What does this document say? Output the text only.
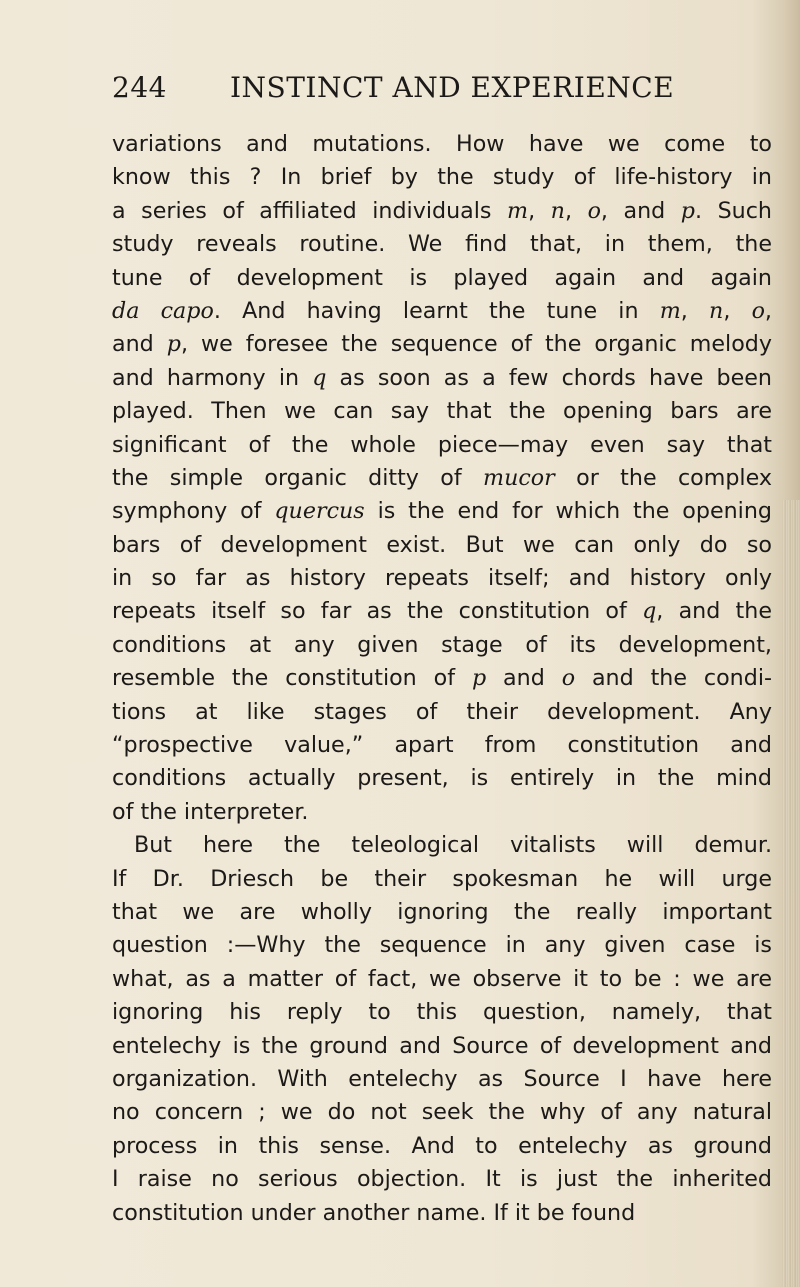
244 INSTINCT AND EXPERIENCE
variations and mutations. How have we come to
know this ? In brief by the study of life-history in
a series of affiliated individuals m, n, o, and p. Such
study reveals routine. We find that, in them, the
tune of development is played again and again
da capo. And having learnt the tune in m, n, o,
and p, we foresee the sequence of the organic melody
and harmony in q as soon as a few chords have been
played. Then we can say that the opening bars are
significant of the whole piece—may even say that
the simple organic ditty of mucor or the complex
symphony of quercus is the end for which the opening
bars of development exist. But we can only do so
in so far as history repeats itself; and history only
repeats itself so far as the constitution of q, and the
conditions at any given stage of its development,
resemble the constitution of p and o and the condi-
tions at like stages of their development. Any
“prospective value,” apart from constitution and
conditions actually present, is entirely in the mind
of the interpreter.
But here the teleological vitalists will demur.
If Dr. Driesch be their spokesman he will urge
that we are wholly ignoring the really important
question :—Why the sequence in any given case is
what, as a matter of fact, we observe it to be : we are
ignoring his reply to this question, namely, that
entelechy is the ground and Source of development and
organization. With entelechy as Source I have here
no concern ; we do not seek the why of any natural
process in this sense. And to entelechy as ground
I raise no serious objection. It is just the inherited
constitution under another name. If it be found
